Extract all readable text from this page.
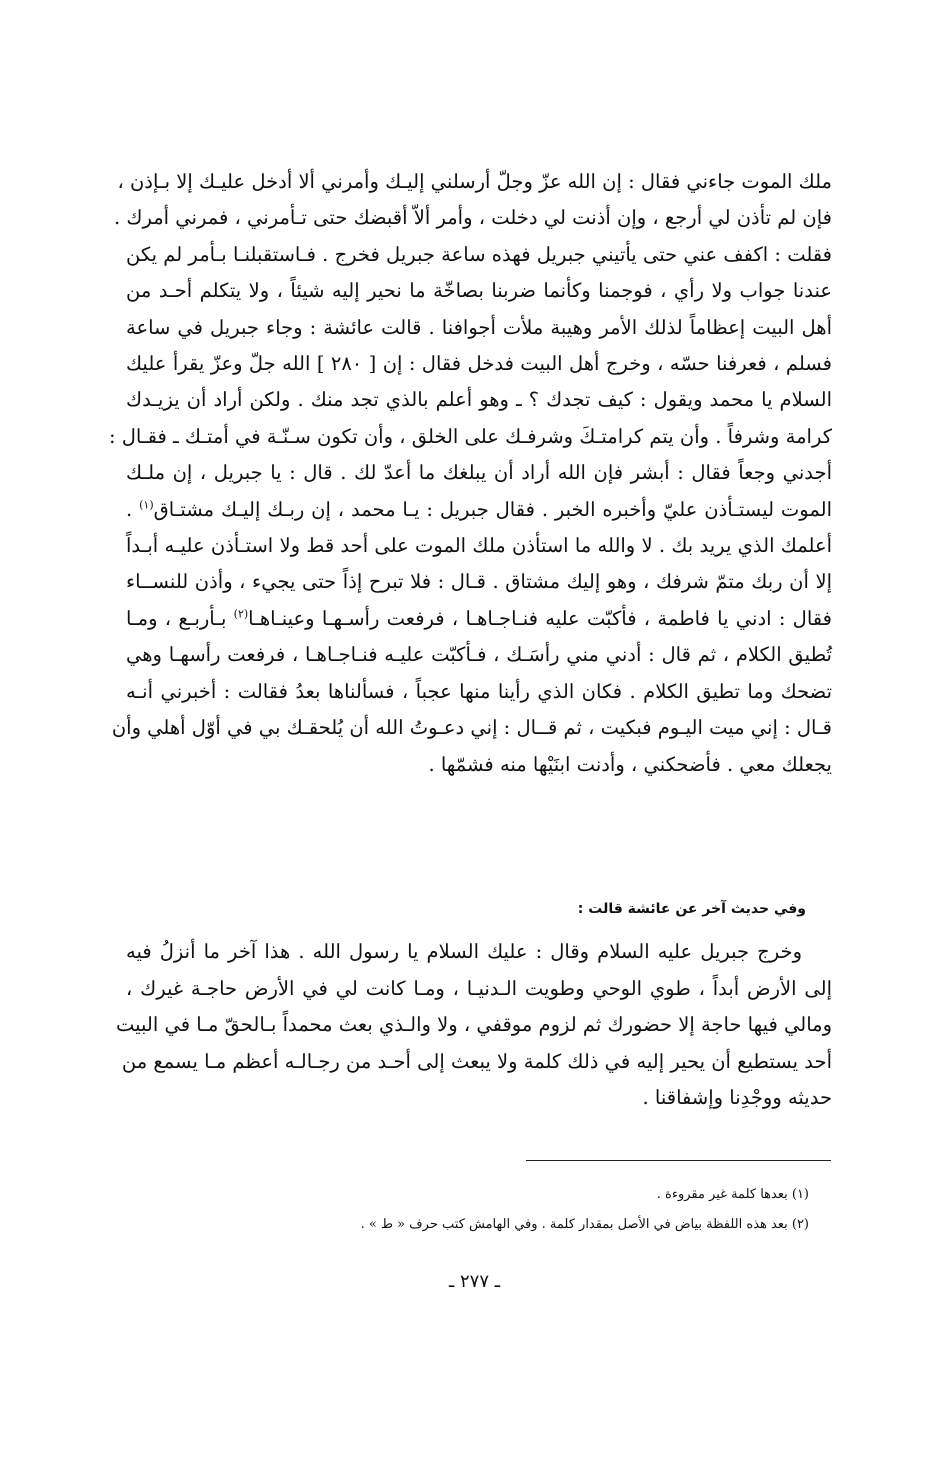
ملك الموت جاءني فقال : إن الله عزّ وجلّ أرسلني إليـك وأمرني ألا أدخل عليـك إلا بـإذن ،
فإن لم تأذن لي أرجع ، وإن أذنت لي دخلت ، وأمر ألاّ أقبضك حتى تـأمرني ، فمرني أمرك .
فقلت : اكفف عني حتى يأتيني جبريل فهذه ساعة جبريل فخرج . فـاستقبلنـا بـأمر لم يكن
عندنا جواب ولا رأي ، فوجمنا وكأنما ضربنا بصاخّة ما نحير إليه شيئاً ، ولا يتكلم أحـد من
أهل البيت إعظاماً لذلك الأمر وهيبة ملأت أجوافنا . قالت عائشة : وجاء جبريل في ساعة
فسلم ، فعرفنا حسّه ، وخرج أهل البيت فدخل فقال : إن [ ٢٨٠ ] الله جلّ وعزّ يقرأ عليك
السلام يا محمد ويقول : كيف تجدك ؟ ـ وهو أعلم بالذي تجد منك . ولكن أراد أن يزيـدك
كرامة وشرفاً . وأن يتم كرامتـكَ وشرفـك على الخلق ، وأن تكون سـنّـة في أمتـك ـ فقـال :
أجدني وجعاً فقال : أبشر فإن الله أراد أن يبلغك ما أعدّ لك . قال : يا جبريل ، إن ملـك
الموت ليستـأذن عليّ وأخبره الخبر . فقال جبريل : يـا محمد ، إن ربـك إليـك مشتـاق$^{(١)}$ .
أعلمك الذي يريد بك . لا والله ما استأذن ملك الموت على أحد قط ولا استـأذن عليـه أبـداً
إلا أن ربك متمّ شرفك ، وهو إليك مشتاق . قـال : فلا تبرح إذاً حتى يجيء ، وأذن للنســاء
فقال : ادني يا فاطمة ، فأكبّت عليه فنـاجـاهـا ، فرفعت رأسـهـا وعينـاهـا$^{(٢)}$ بـأربـع ، ومـا
تُطيق الكلام ، ثم قال : أدني مني رأسَـك ، فـأكبّت عليـه فنـاجـاهـا ، فرفعت رأسهـا وهي
تضحك وما تطيق الكلام . فكان الذي رأينا منها عجباً ، فسألناها بعدُ فقالت : أخبرني أنـه
قـال : إني ميت اليـوم فبكيت ، ثم قــال : إني دعـوتُ الله أن يُلحقـك بي في أوّل أهلي وأن
يجعلك معي . فأضحكني ، وأدنت ابنَيْها منه فشمّها .
وفي حديث آخر عن عائشة قالت :
وخرج جبريل عليه السلام وقال : عليك السلام يا رسول الله . هذا آخر ما أنزلُ فيه
إلى الأرض أبداً ، طوي الوحي وطويت الـدنيـا ، ومـا كانت لي في الأرض حاجـة غيرك ،
ومالي فيها حاجة إلا حضورك ثم لزوم موقفي ، ولا والـذي بعث محمداً بـالحقّ مـا في البيت
أحد يستطيع أن يحير إليه في ذلك كلمة ولا يبعث إلى أحـد من رجـالـه أعظم مـا يسمع من
حديثه ووجْدِنا وإشفاقنا .
(١) بعدها كلمة غير مقروءة .
(٢) بعد هذه اللفظة بياض في الأصل بمقدار كلمة . وفي الهامش كتب حرف « ط » .
ـ ٢٧٧ ـ
